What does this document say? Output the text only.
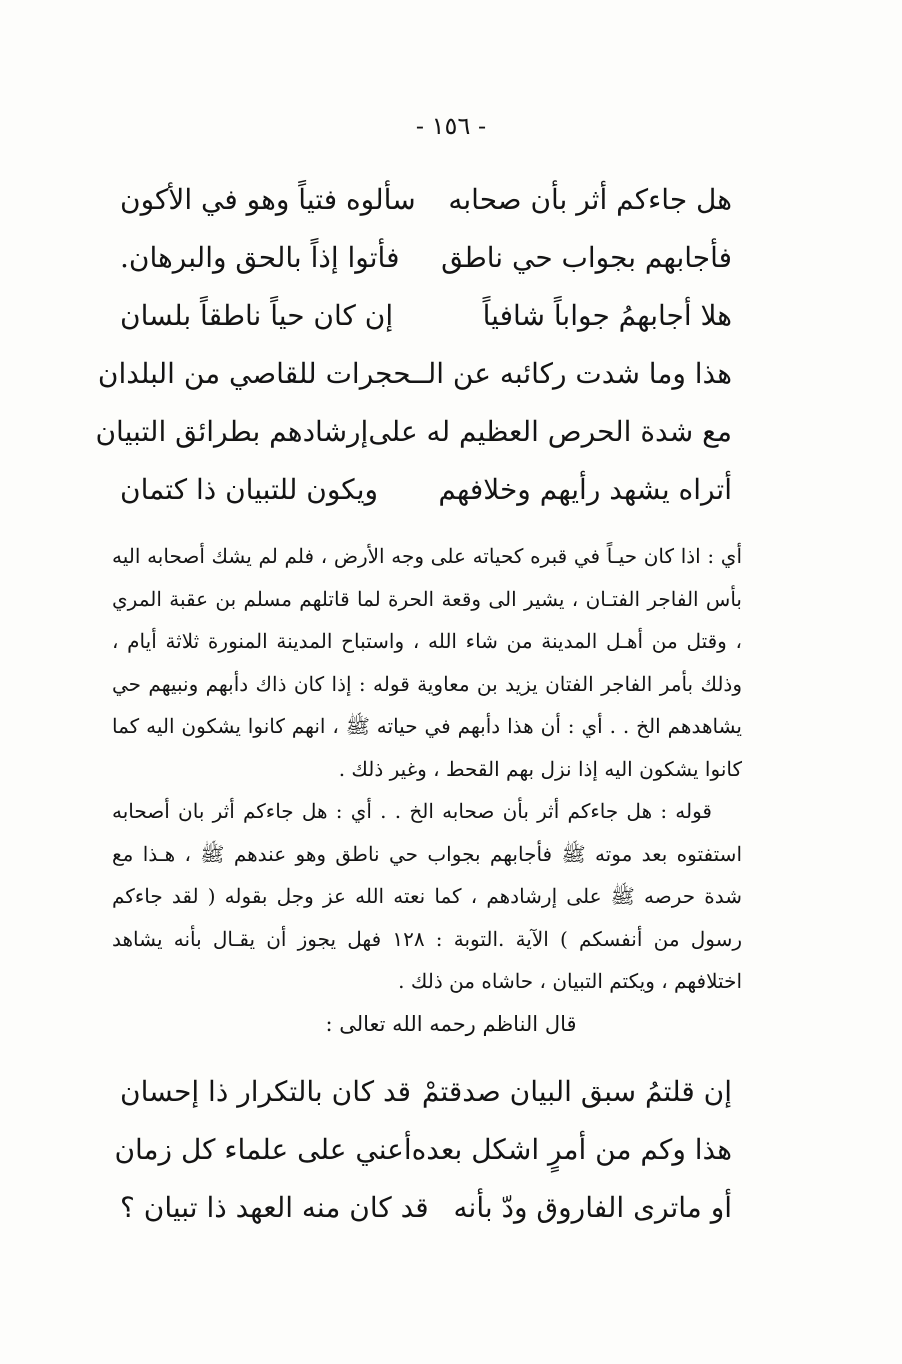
- ١٥٦ -
هل جاءكم أثر بأن صحابه
سألوه فتياً وهو في الأكون
فأجابهم بجواب حي ناطق
فأتوا إذاً بالحق والبرهان.
هلا أجابهمُ جواباً شافياً
إن كان حياً ناطقاً بلسان
هذا وما شدت ركائبه عن الـ
ـحجرات للقاصي من البلدان
مع شدة الحرص العظيم له على
إرشادهم بطرائق التبيان
أتراه يشهد رأيهم وخلافهم
ويكون للتبيان ذا كتمان

أي : اذا كان حيـاً في قبره كحياته على وجه الأرض ، فلم لم يشك أصحابه اليه بأس الفاجر الفتـان ، يشير الى وقعة الحرة لما قاتلهم مسلم بن عقبة المري ، وقتل من أهـل المدينة من شاء الله ، واستباح المدينة المنورة ثلاثة أيام ، وذلك بأمر الفاجر الفتان يزيد بن معاوية قوله : إذا كان ذاك دأبهم ونبيهم حي يشاهدهم الخ . . أي : أن هذا دأبهم في حياته ﷺ ، انهم كانوا يشكون اليه كما كانوا يشكون اليه إذا نزل بهم القحط ، وغير ذلك .

قوله : هل جاءكم أثر بأن صحابه الخ . . أي : هل جاءكم أثر بان أصحابه استفتوه بعد موته ﷺ فأجابهم بجواب حي ناطق وهو عندهم ﷺ ، هـذا مع شدة حرصه ﷺ على إرشادهم ، كما نعته الله عز وجل بقوله ( لقد جاءكم رسول من أنفسكم ) الآية .التوبة : ١٢٨ فهل يجوز أن يقـال بأنه يشاهد اختلافهم ، ويكتم التبيان ، حاشاه من ذلك .

قال الناظم رحمه الله تعالى :
إن قلتمُ سبق البيان صدقتمْ
قد كان بالتكرار ذا إحسان
هذا وكم من أمرٍ اشكل بعده
أعني على علماء كل زمان
أو ماترى الفاروق ودّ بأنه
قد كان منه العهد ذا تبيان ؟
